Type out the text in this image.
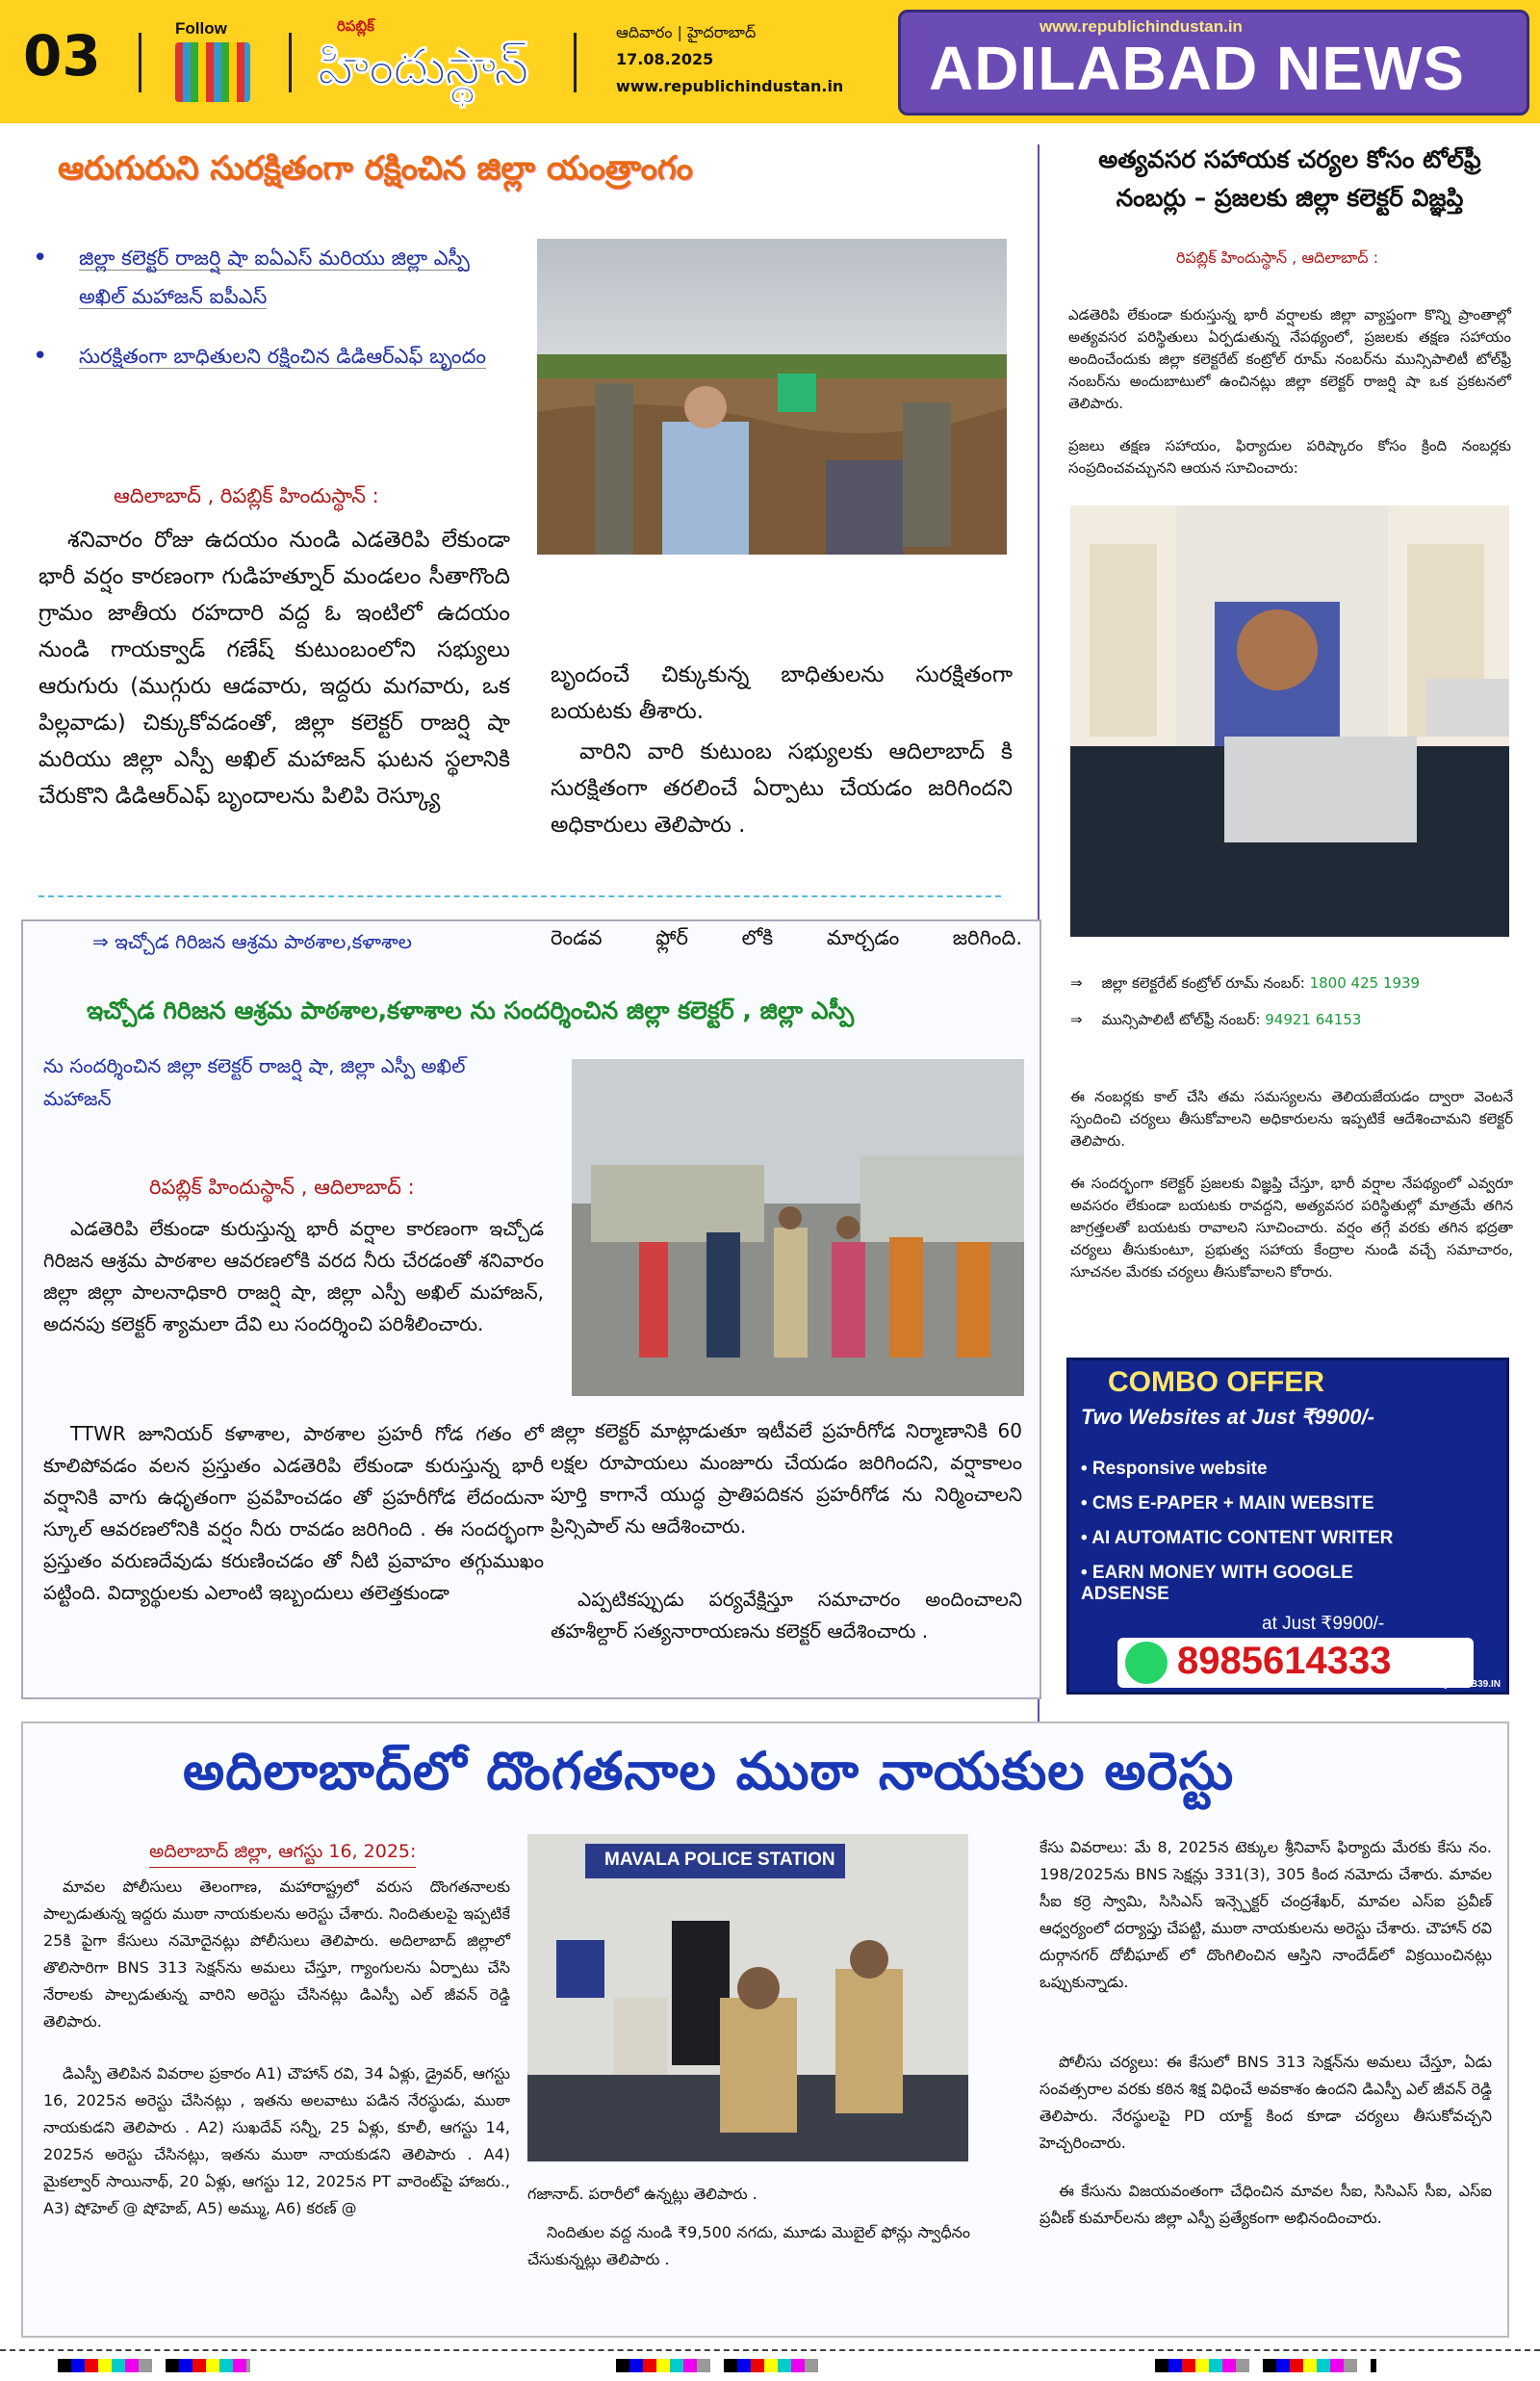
03	Follow	రిపబ్లిక్
హిందుస్థాన్
ఆదివారం | హైదరాబాద్
17.08.2025
www.republichindustan.in
www.republichindustan.in
ADILABAD NEWS
ఆరుగురుని సురక్షితంగా రక్షించిన జిల్లా యంత్రాంగం
• జిల్లా కలెక్టర్ రాజర్షి షా ఐఏఎస్ మరియు జిల్లా ఎస్పీ అఖిల్ మహాజన్ ఐపీఎస్
• సురక్షితంగా బాధితులని రక్షించిన డిడిఆర్ఎఫ్ బృందం
ఆదిలాబాద్ , రిపబ్లిక్ హిందుస్థాన్ :
శనివారం రోజు ఉదయం నుండి ఎడతెరిపి లేకుండా భారీ వర్షం కారణంగా గుడిహత్నూర్ మండలం సీతాగొంది గ్రామం జాతీయ రహదారి వద్ద ఓ ఇంటిలో ఉదయం నుండి గాయక్వాడ్ గణేష్ కుటుంబంలోని సభ్యులు ఆరుగురు (ముగ్గురు ఆడవారు, ఇద్దరు మగవారు, ఒక పిల్లవాడు) చిక్కుకోవడంతో, జిల్లా కలెక్టర్ రాజర్షి షా మరియు జిల్లా ఎస్పీ అఖిల్ మహాజన్ ఘటన స్థలానికి చేరుకొని డిడిఆర్ఎఫ్ బృందాలను పిలిపి రెస్క్యూ
బృందంచే చిక్కుకున్న బాధితులను సురక్షితంగా బయటకు తీశారు.
వారిని వారి కుటుంబ సభ్యులకు ఆదిలాబాద్ కి సురక్షితంగా తరలించే ఏర్పాటు చేయడం జరిగిందని అధికారులు తెలిపారు .
⇒ ఇచ్చోడ గిరిజన ఆశ్రమ పాఠశాల,కళాశాల	రెండవ ఫ్లోర్ లోకి మార్చడం జరిగింది.
ఇచ్చోడ గిరిజన ఆశ్రమ పాఠశాల,కళాశాల ను సందర్శించిన జిల్లా కలెక్టర్ , జిల్లా ఎస్పీ
ను సందర్శించిన జిల్లా కలెక్టర్ రాజర్షి షా, జిల్లా ఎస్పీ అఖిల్ మహాజన్
రిపబ్లిక్ హిందుస్థాన్ , ఆదిలాబాద్ :
ఎడతెరిపి లేకుండా కురుస్తున్న భారీ వర్షాల కారణంగా ఇచ్చోడ గిరిజన ఆశ్రమ పాఠశాల ఆవరణలోకి వరద నీరు చేరడంతో శనివారం జిల్లా జిల్లా పాలనాధికారి రాజర్షి షా, జిల్లా ఎస్పీ అఖిల్ మహాజన్, అదనపు కలెక్టర్ శ్యామలా దేవి లు సందర్శించి పరిశీలించారు.
TTWR జూనియర్ కళాశాల, పాఠశాల ప్రహరీ గోడ గతం లో కూలిపోవడం వలన ప్రస్తుతం ఎడతెరిపి లేకుండా కురుస్తున్న భారీ వర్షానికి వాగు ఉధృతంగా ప్రవహించడం తో ప్రహరీగోడ లేదందునా స్కూల్ ఆవరణలోనికి వర్షం నీరు రావడం జరిగింది . ఈ సందర్భంగా ప్రస్తుతం వరుణదేవుడు కరుణించడం తో నీటి ప్రవాహం తగ్గుముఖం పట్టింది. విద్యార్థులకు ఎలాంటి ఇబ్బందులు తలెత్తకుండా
జిల్లా కలెక్టర్ మాట్లాడుతూ ఇటీవలే ప్రహరీగోడ నిర్మాణానికి 60 లక్షల రూపాయలు మంజూరు చేయడం జరిగిందని, వర్షాకాలం పూర్తి కాగానే యుద్ధ ప్రాతిపదికన ప్రహరీగోడ ను నిర్మించాలని ప్రిన్సిపాల్ ను ఆదేశించారు.
ఎప్పటికప్పుడు పర్యవేక్షిస్తూ సమాచారం అందించాలని తహశీల్దార్ సత్యనారాయణను కలెక్టర్ ఆదేశించారు .
అత్యవసర సహాయక చర్యల కోసం టోల్‌ఫ్రీ
నంబర్లు – ప్రజలకు జిల్లా కలెక్టర్ విజ్ఞప్తి
రిపబ్లిక్ హిందుస్థాన్ , ఆదిలాబాద్ :
ఎడతెరిపి లేకుండా కురుస్తున్న భారీ వర్షాలకు జిల్లా వ్యాప్తంగా కొన్ని ప్రాంతాల్లో అత్యవసర పరిస్థితులు ఏర్పడుతున్న నేపథ్యంలో, ప్రజలకు తక్షణ సహాయం అందించేందుకు జిల్లా కలెక్టరేట్ కంట్రోల్ రూమ్ నంబర్‌ను మున్సిపాలిటీ టోల్‌ఫ్రీ నంబర్‌ను అందుబాటులో ఉంచినట్లు జిల్లా కలెక్టర్ రాజర్షి షా ఒక ప్రకటనలో తెలిపారు.
ప్రజలు తక్షణ సహాయం, ఫిర్యాదుల పరిష్కారం కోసం క్రింది నంబర్లకు సంప్రదించవచ్చునని ఆయన సూచించారు:
⇒ జిల్లా కలెక్టరేట్ కంట్రోల్ రూమ్ నంబర్: 1800 425 1939
⇒ మున్సిపాలిటీ టోల్‌ఫ్రీ నంబర్: 94921 64153
ఈ నంబర్లకు కాల్ చేసి తమ సమస్యలను తెలియజేయడం ద్వారా వెంటనే స్పందించి చర్యలు తీసుకోవాలని అధికారులను ఇప్పటికే ఆదేశించామని కలెక్టర్ తెలిపారు.
ఈ సందర్భంగా కలెక్టర్ ప్రజలకు విజ్ఞప్తి చేస్తూ, భారీ వర్షాల నేపథ్యంలో ఎవ్వరూ అవసరం లేకుండా బయటకు రావద్దని, అత్యవసర పరిస్థితుల్లో మాత్రమే తగిన జాగ్రత్తలతో బయటకు రావాలని సూచించారు. వర్షం తగ్గే వరకు తగిన భద్రతా చర్యలు తీసుకుంటూ, ప్రభుత్వ సహాయ కేంద్రాల నుండి వచ్చే సమాచారం, సూచనల మేరకు చర్యలు తీసుకోవాలని కోరారు.
COMBO OFFER
Two Websites at Just ₹9900/-
• Responsive website
• CMS E-PAPER + MAIN WEBSITE
• AI AUTOMATIC CONTENT WRITER
• EARN MONEY WITH GOOGLE ADSENSE
at Just ₹9900/-
8985614333
Powered by: WEB39.IN
అదిలాబాద్‌లో దొంగతనాల ముఠా నాయకుల అరెస్టు
అదిలాబాద్ జిల్లా, ఆగస్టు 16, 2025:
మావల పోలీసులు తెలంగాణ, మహారాష్ట్రలో వరుస దొంగతనాలకు పాల్పడుతున్న ఇద్దరు ముఠా నాయకులను అరెస్టు చేశారు. నిందితులపై ఇప్పటికే 25కి పైగా కేసులు నమోదైనట్లు పోలీసులు తెలిపారు. అదిలాబాద్ జిల్లాలో తొలిసారిగా BNS 313 సెక్షన్‌ను అమలు చేస్తూ, గ్యాంగులను ఏర్పాటు చేసి నేరాలకు పాల్పడుతున్న వారిని అరెస్టు చేసినట్లు డిఎస్పీ ఎల్ జీవన్ రెడ్డి తెలిపారు.
డిఎస్పీ తెలిపిన వివరాల ప్రకారం A1) చౌహాన్ రవి, 34 ఏళ్లు, డ్రైవర్, ఆగస్టు 16, 2025న అరెస్టు చేసినట్లు , ఇతను అలవాటు పడిన నేరస్థుడు, ముఠా నాయకుడని తెలిపారు . A2) సుఖదేవ్ సన్నీ, 25 ఏళ్లు, కూలీ, ఆగస్టు 14, 2025న అరెస్టు చేసినట్లు, ఇతను ముఠా నాయకుడని తెలిపారు . A4) మైకల్వార్ సాయినాథ్, 20 ఏళ్లు, ఆగస్టు 12, 2025న PT వారెంట్‌పై హాజరు., A3) షోహెల్ @ షోహెబ్, A5) అమ్ము, A6) కరణ్ @
MAVALA POLICE STATION
గజానాద్. పరారీలో ఉన్నట్లు తెలిపారు .
నిందితుల వద్ద నుండి ₹9,500 నగదు, మూడు మొబైల్ ఫోన్లు స్వాధీనం చేసుకున్నట్లు తెలిపారు .
కేసు వివరాలు: మే 8, 2025న టెక్కుల శ్రీనివాస్ ఫిర్యాదు మేరకు కేసు నం. 198/2025ను BNS సెక్షన్లు 331(3), 305 కింద నమోదు చేశారు. మావల సీఐ కర్రె స్వామి, సిసిఎస్ ఇన్స్పెక్టర్ చంద్రశేఖర్, మావల ఎస్ఐ ప్రవీణ్ ఆధ్వర్యంలో దర్యాప్తు చేపట్టి, ముఠా నాయకులను అరెస్టు చేశారు. చౌహాన్ రవి దుర్గానగర్ దోబీఘాట్ లో దొంగిలించిన ఆస్తిని నాందేడ్‌లో విక్రయించినట్లు ఒప్పుకున్నాడు.
పోలీసు చర్యలు: ఈ కేసులో BNS 313 సెక్షన్‌ను అమలు చేస్తూ, ఏడు సంవత్సరాల వరకు కఠిన శిక్ష విధించే అవకాశం ఉందని డిఎస్పీ ఎల్ జీవన్ రెడ్డి తెలిపారు. నేరస్థులపై PD యాక్ట్ కింద కూడా చర్యలు తీసుకోవచ్చని హెచ్చరించారు.
ఈ కేసును విజయవంతంగా చేధించిన మావల సీఐ, సిసిఎస్ సీఐ, ఎస్ఐ ప్రవీణ్ కుమార్‌లను జిల్లా ఎస్పీ ప్రత్యేకంగా అభినందించారు.
